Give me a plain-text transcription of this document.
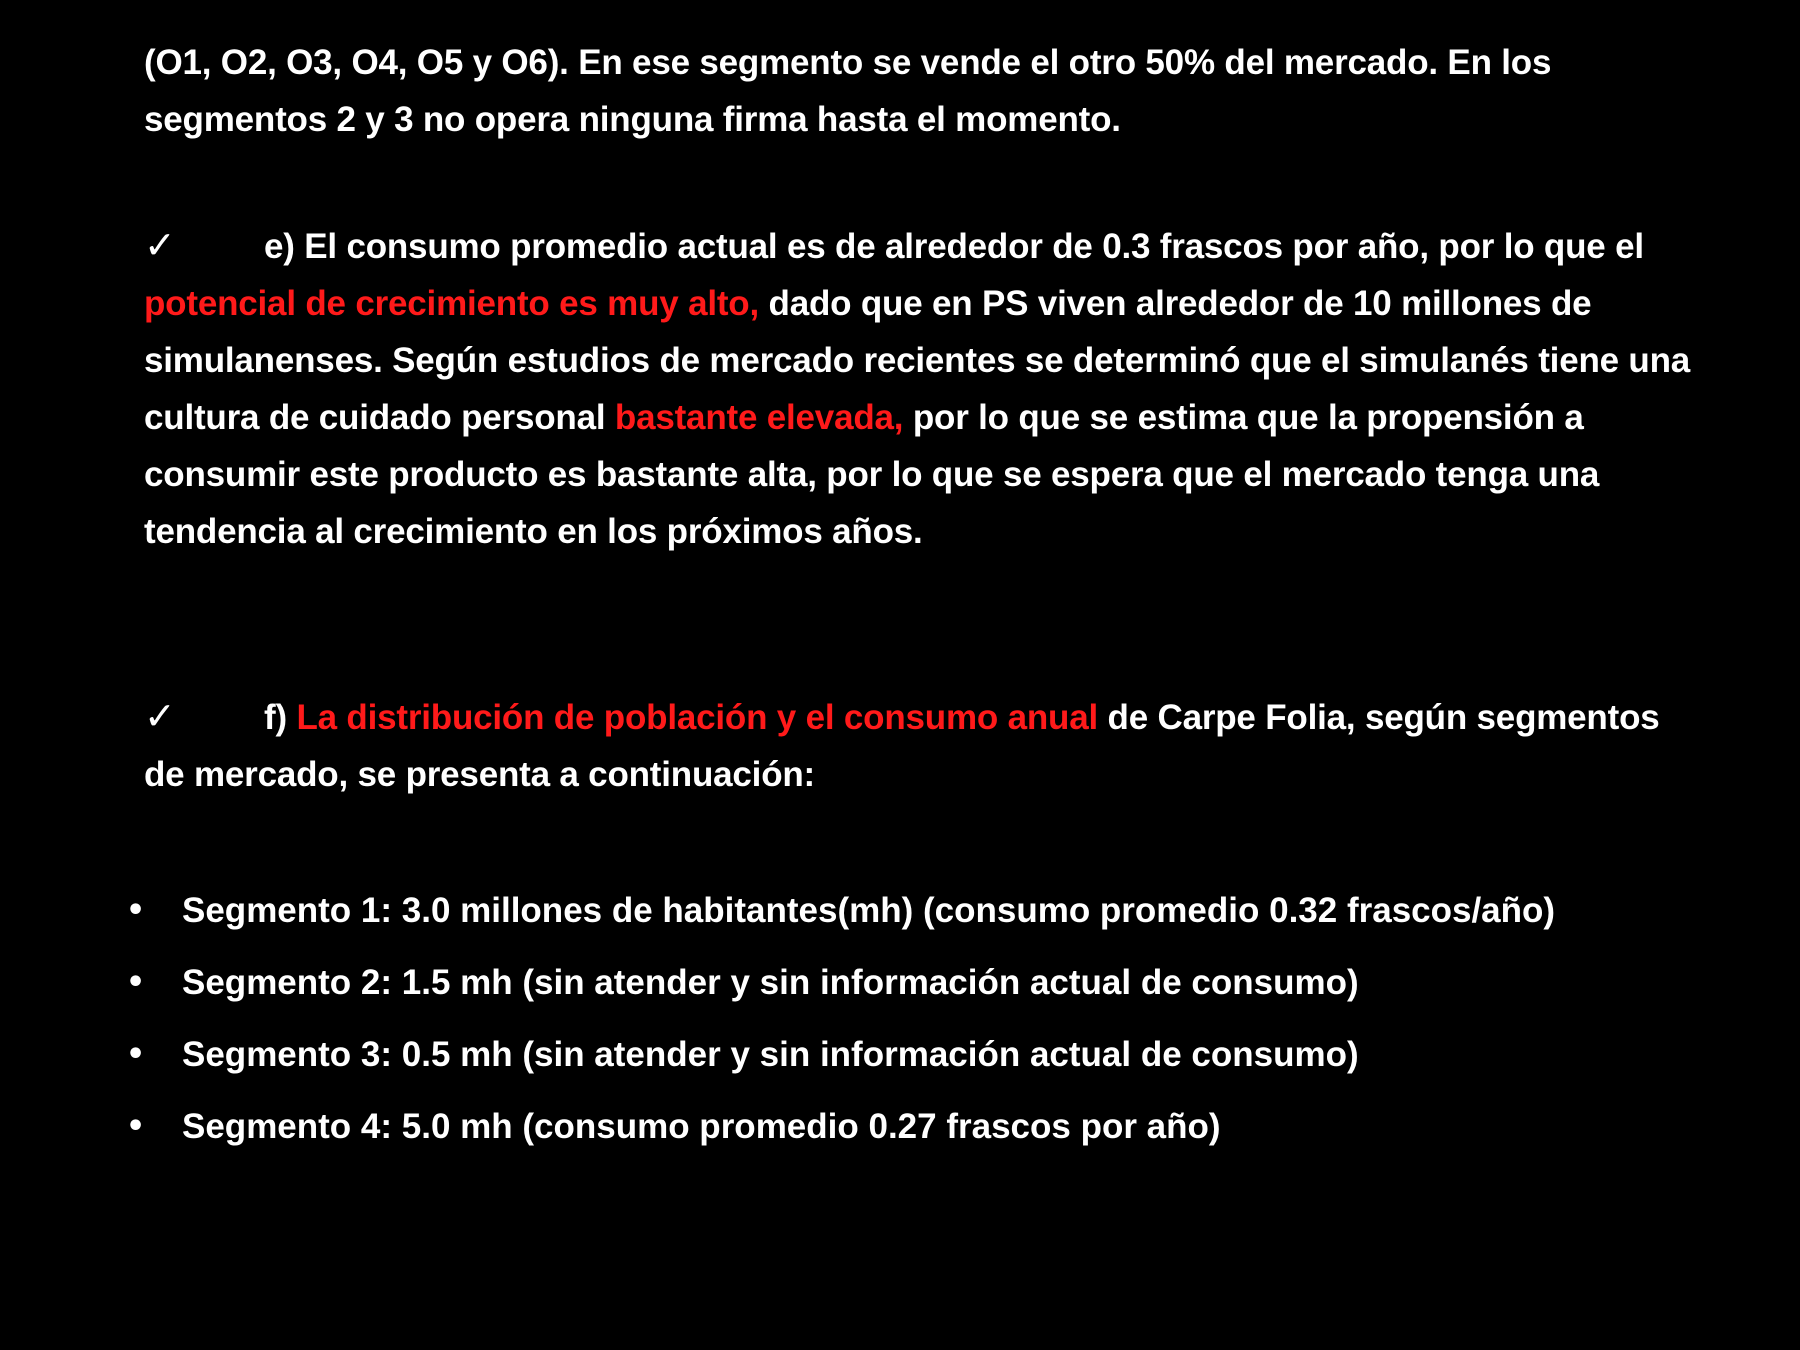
(O1, O2, O3, O4, O5 y O6). En ese segmento se vende el otro 50% del mercado. En los segmentos 2 y 3 no opera ninguna firma hasta el momento.

✓	e) El consumo promedio actual es de alrededor de 0.3 frascos por año, por lo que el potencial de crecimiento es muy alto, dado que en PS viven alrededor de 10 millones de simulanenses. Según estudios de mercado recientes se determinó que el simulanés tiene una cultura de cuidado personal bastante elevada, por lo que se estima que la propensión a consumir este producto es bastante alta, por lo que se espera que el mercado tenga una tendencia al crecimiento en los próximos años.

✓	f) La distribución de población y el consumo anual de Carpe Folia, según segmentos de mercado, se presenta a continuación:

• Segmento 1: 3.0 millones de habitantes(mh) (consumo promedio 0.32 frascos/año)
• Segmento 2: 1.5 mh (sin atender y sin información actual de consumo)
• Segmento 3: 0.5 mh (sin atender y sin información actual de consumo)
• Segmento 4: 5.0 mh (consumo promedio 0.27 frascos por año)
